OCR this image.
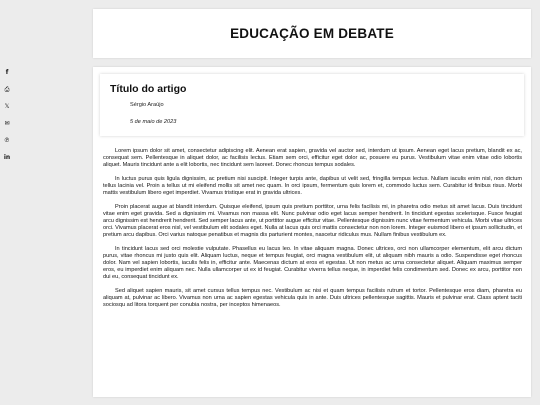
f
⎙
𝕏
✉
℗
in
EDUCAÇÃO EM DEBATE
Título do artigo
Sérgio Araújo
5 de maio de 2023

Lorem ipsum dolor sit amet, consectetur adipiscing elit. Aenean erat sapien, gravida vel auctor sed, interdum ut ipsum. Aenean eget lacus pretium, blandit ex ac, consequat sem. Pellentesque in aliquet dolor, ac facilisis lectus. Etiam sem orci, efficitur eget dolor ac, posuere eu purus. Vestibulum vitae enim vitae odio lobortis aliquet. Mauris tincidunt ante a elit lobortis, nec tincidunt sem laoreet. Donec rhoncus tempus sodales.

In luctus purus quis ligula dignissim, ac pretium nisi suscipit. Integer turpis ante, dapibus ut velit sed, fringilla tempus lectus. Nullam iaculis enim nisl, non dictum tellus lacinia vel. Proin a tellus ut mi eleifend mollis sit amet nec quam. In orci ipsum, fermentum quis lorem et, commodo luctus sem. Curabitur id finibus risus. Morbi mattis vestibulum libero eget imperdiet. Vivamus tristique erat in gravida ultrices.

Proin placerat augue at blandit interdum. Quisque eleifend, ipsum quis pretium porttitor, urna felis facilisis mi, in pharetra odio metus sit amet lacus. Duis tincidunt vitae enim eget gravida. Sed a dignissim mi. Vivamus non massa elit. Nunc pulvinar odio eget lacus semper hendrerit. In tincidunt egestas scelerisque. Fusce feugiat arcu dignissim est hendrerit hendrerit. Sed semper lacus ante, ut porttitor augue efficitur vitae. Pellentesque dignissim nunc vitae fermentum vehicula. Morbi vitae ultrices orci. Vivamus placerat eros nisl, vel vestibulum elit sodales eget. Nulla at lacus quis orci mattis consectetur non non lorem. Integer euismod libero et ipsum sollicitudin, et pretium arcu dapibus. Orci varius natoque penatibus et magnis dis parturient montes, nascetur ridiculus mus. Nullam finibus vestibulum ex.

In tincidunt lacus sed orci molestie vulputate. Phasellus eu lacus leo. In vitae aliquam magna. Donec ultrices, orci non ullamcorper elementum, elit arcu dictum purus, vitae rhoncus mi justo quis elit. Aliquam luctus, neque et tempus feugiat, orci magna vestibulum elit, ut aliquam nibh mauris a odio. Suspendisse eget rhoncus dolor. Nam vel sapien lobortis, iaculis felis in, efficitur ante. Maecenas dictum at eros et egestas. Ut non metus ac urna consectetur aliquet. Aliquam maximus semper eros, eu imperdiet enim aliquam nec. Nulla ullamcorper ut ex id feugiat. Curabitur viverra tellus neque, in imperdiet felis condimentum sed. Donec ex arcu, porttitor non dui eu, consequat tincidunt ex.

Sed aliquet sapien mauris, sit amet cursus tellus tempus nec. Vestibulum ac nisi et quam tempus facilisis rutrum et tortor. Pellentesque eros diam, pharetra eu aliquam at, pulvinar ac libero. Vivamus non urna ac sapien egestas vehicula quis in ante. Duis ultrices pellentesque sagittis. Mauris et pulvinar erat. Class aptent taciti sociosqu ad litora torquent per conubia nostra, per inceptos himenaeos.
